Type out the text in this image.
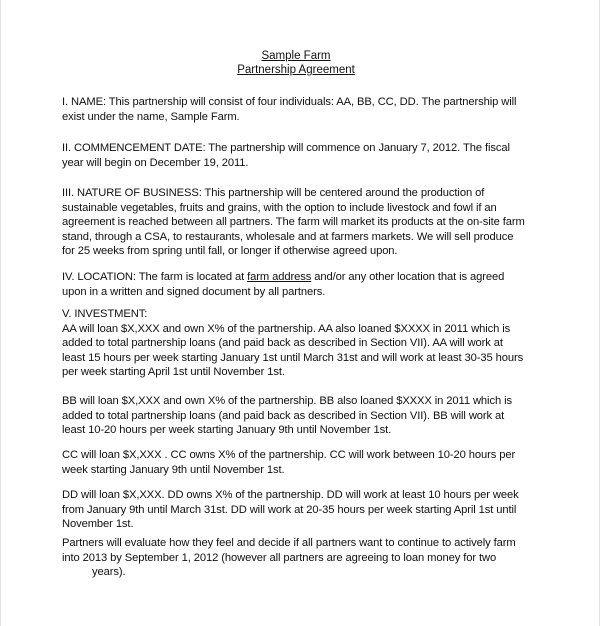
Sample Farm
Partnership Agreement
I. NAME: This partnership will consist of four individuals: AA, BB, CC, DD. The partnership will
exist under the name, Sample Farm.
II. COMMENCEMENT DATE: The partnership will commence on January 7, 2012. The fiscal
year will begin on December 19, 2011.
III. NATURE OF BUSINESS: This partnership will be centered around the production of
sustainable vegetables, fruits and grains, with the option to include livestock and fowl if an
agreement is reached between all partners. The farm will market its products at the on-site farm
stand, through a CSA, to restaurants, wholesale and at farmers markets. We will sell produce
for 25 weeks from spring until fall, or longer if otherwise agreed upon.
IV. LOCATION: The farm is located at farm address and/or any other location that is agreed
upon in a written and signed document by all partners.
V. INVESTMENT:
AA will loan $X,XXX and own X% of the partnership. AA also loaned $XXXX in 2011 which is
added to total partnership loans (and paid back as described in Section VII). AA will work at
least 15 hours per week starting January 1st until March 31st and will work at least 30-35 hours
per week starting April 1st until November 1st.
BB will loan $X,XXX and own X% of the partnership. BB also loaned $XXXX in 2011 which is
added to total partnership loans (and paid back as described in Section VII). BB will work at
least 10-20 hours per week starting January 9th until November 1st.
CC will loan $X,XXX . CC owns X% of the partnership. CC will work between 10-20 hours per
week starting January 9th until November 1st.
DD will loan $X,XXX. DD owns X% of the partnership. DD will work at least 10 hours per week
from January 9th until March 31st. DD will work at 20-35 hours per week starting April 1st until
November 1st.
Partners will evaluate how they feel and decide if all partners want to continue to actively farm
into 2013 by September 1, 2012 (however all partners are agreeing to loan money for two
years).
